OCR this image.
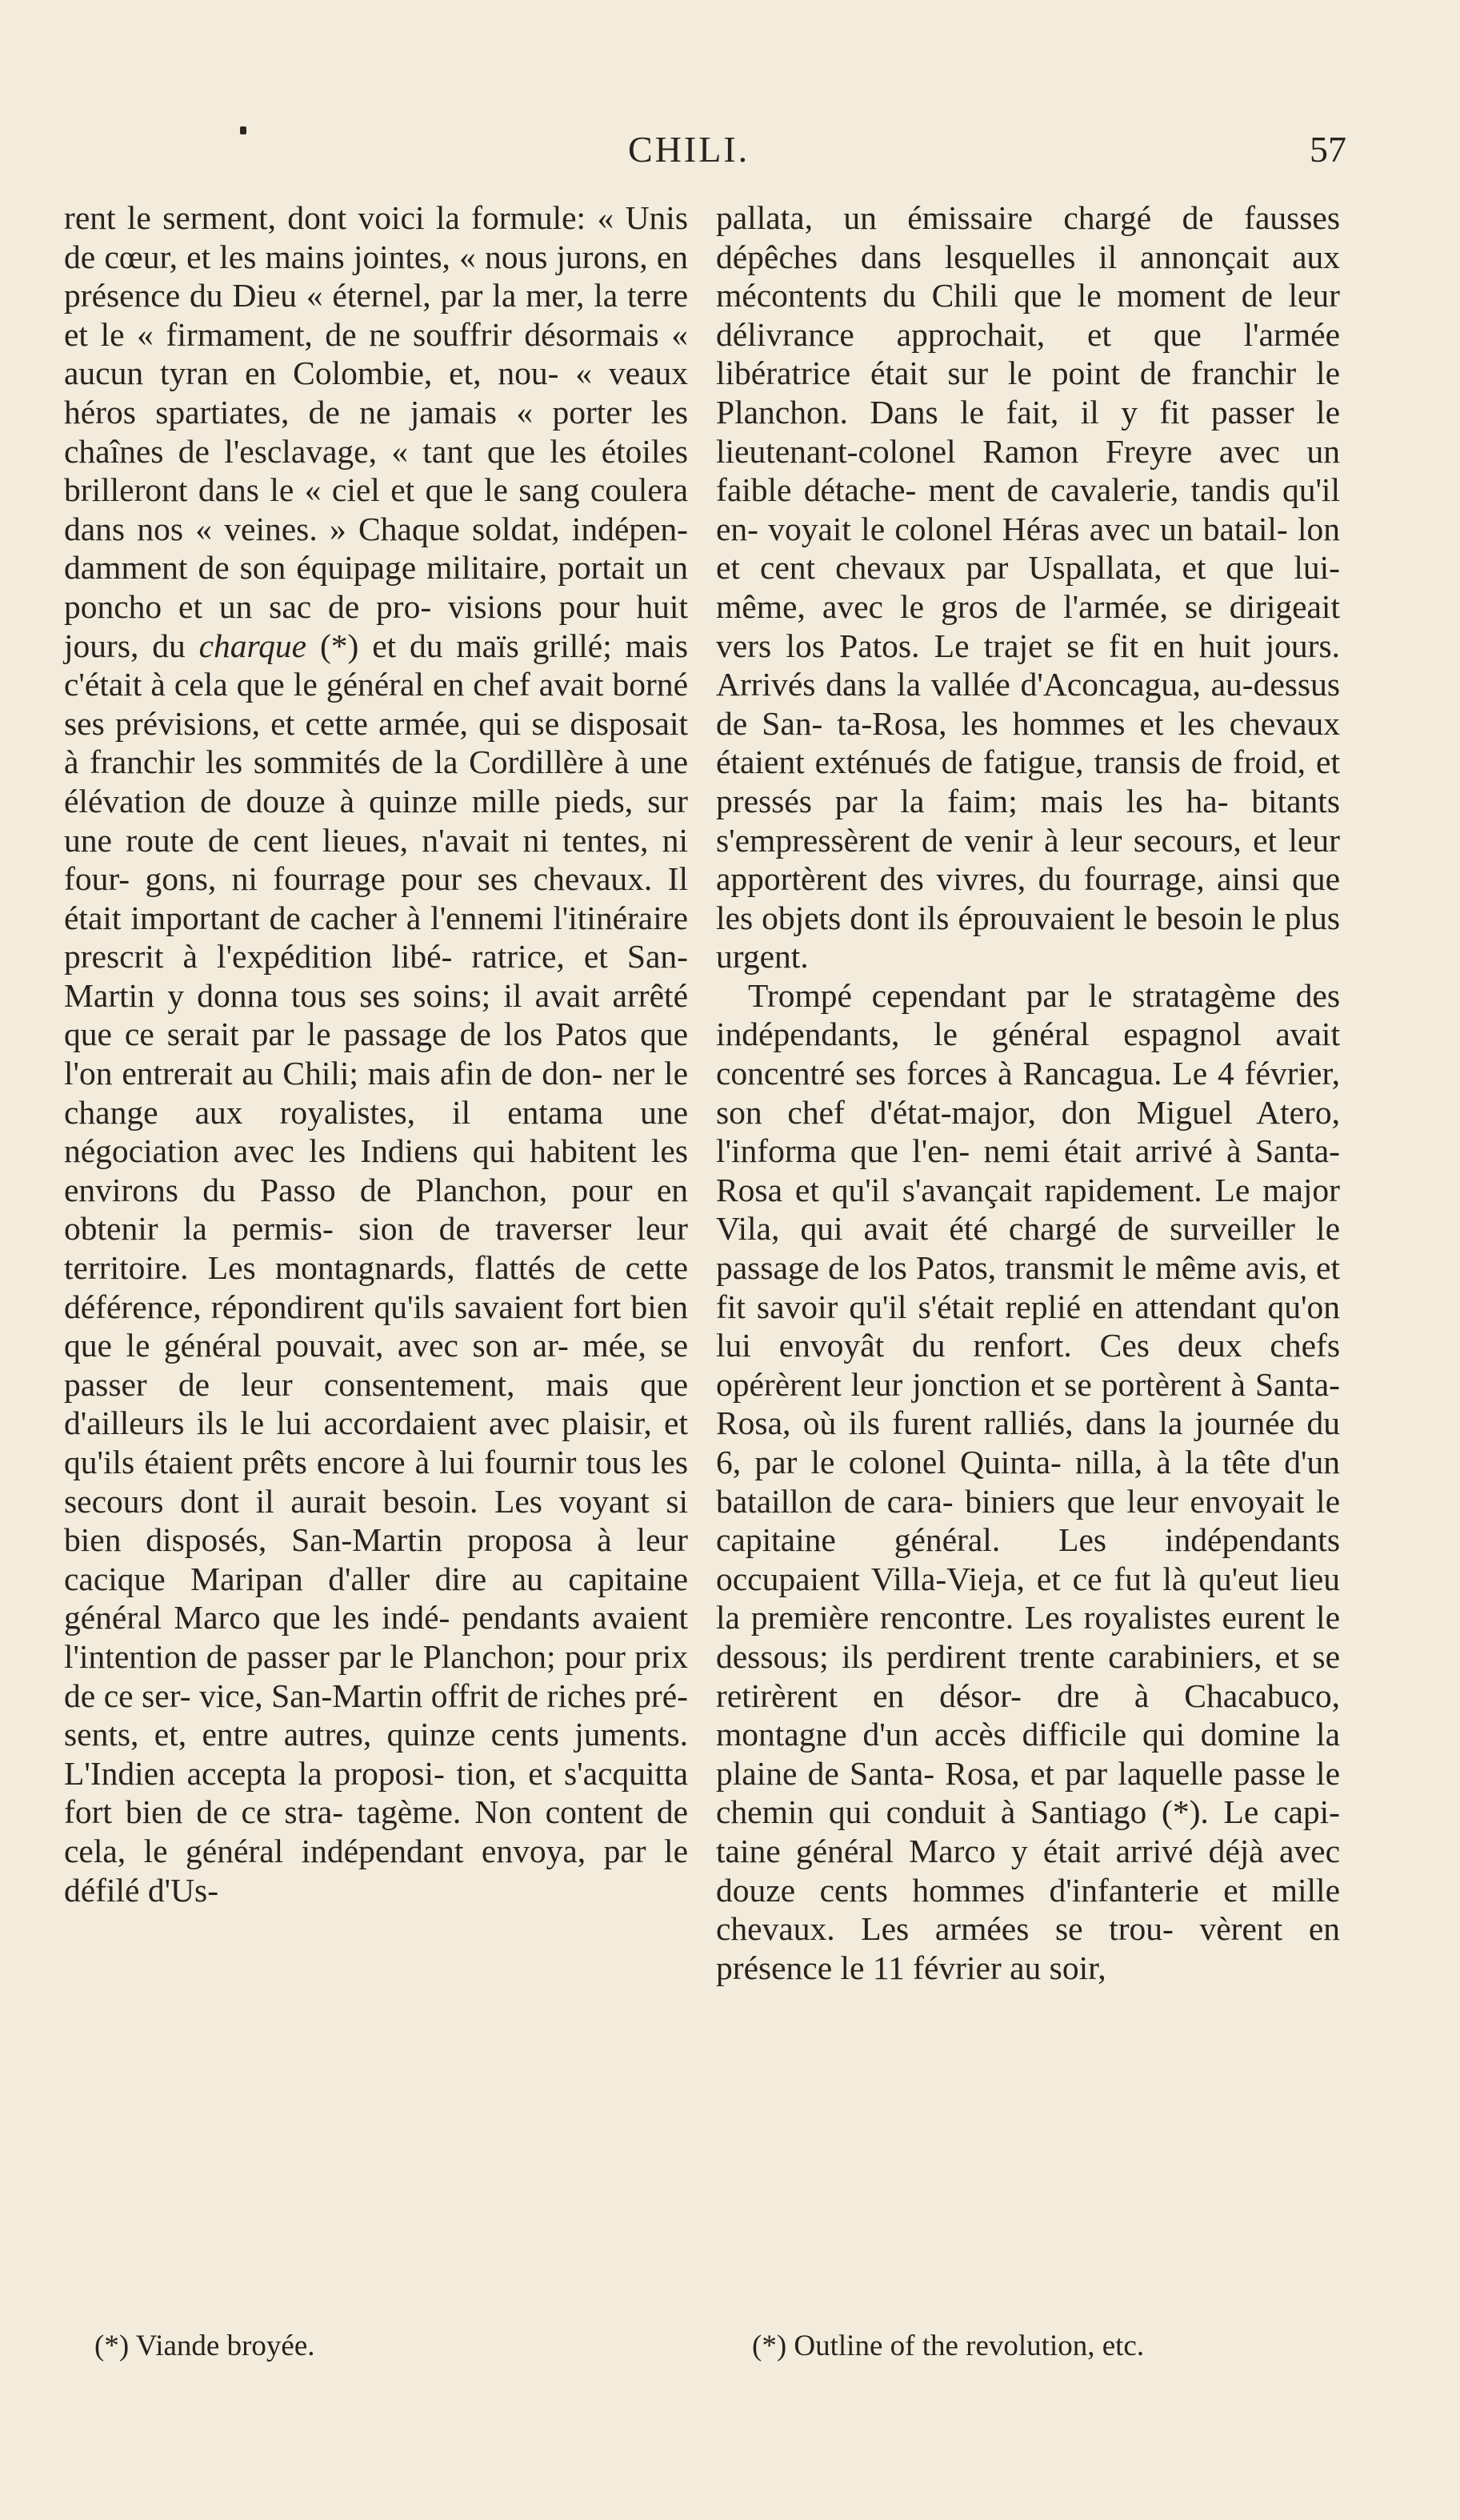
CHILI.	57

rent le serment, dont voici la formule: « Unis de cœur, et les mains jointes, « nous jurons, en présence du Dieu « éternel, par la mer, la terre et le « firmament, de ne souffrir désormais « aucun tyran en Colombie, et, nou- « veaux héros spartiates, de ne jamais « porter les chaînes de l'esclavage, « tant que les étoiles brilleront dans le « ciel et que le sang coulera dans nos « veines. » Chaque soldat, indépen- damment de son équipage militaire, portait un poncho et un sac de pro- visions pour huit jours, du charque (*) et du maïs grillé; mais c'était à cela que le général en chef avait borné ses prévisions, et cette armée, qui se disposait à franchir les sommités de la Cordillère à une élévation de douze à quinze mille pieds, sur une route de cent lieues, n'avait ni tentes, ni four- gons, ni fourrage pour ses chevaux. Il était important de cacher à l'ennemi l'itinéraire prescrit à l'expédition libé- ratrice, et San-Martin y donna tous ses soins; il avait arrêté que ce serait par le passage de los Patos que l'on entrerait au Chili; mais afin de don- ner le change aux royalistes, il entama une négociation avec les Indiens qui habitent les environs du Passo de Planchon, pour en obtenir la permis- sion de traverser leur territoire. Les montagnards, flattés de cette déférence, répondirent qu'ils savaient fort bien que le général pouvait, avec son ar- mée, se passer de leur consentement, mais que d'ailleurs ils le lui accordaient avec plaisir, et qu'ils étaient prêts encore à lui fournir tous les secours dont il aurait besoin. Les voyant si bien disposés, San-Martin proposa à leur cacique Maripan d'aller dire au capitaine général Marco que les indé- pendants avaient l'intention de passer par le Planchon; pour prix de ce ser- vice, San-Martin offrit de riches pré- sents, et, entre autres, quinze cents juments. L'Indien accepta la proposi- tion, et s'acquitta fort bien de ce stra- tagème. Non content de cela, le général indépendant envoya, par le défilé d'Us-

pallata, un émissaire chargé de fausses dépêches dans lesquelles il annonçait aux mécontents du Chili que le moment de leur délivrance approchait, et que l'armée libératrice était sur le point de franchir le Planchon. Dans le fait, il y fit passer le lieutenant-colonel Ramon Freyre avec un faible détache- ment de cavalerie, tandis qu'il en- voyait le colonel Héras avec un batail- lon et cent chevaux par Uspallata, et que lui-même, avec le gros de l'armée, se dirigeait vers los Patos. Le trajet se fit en huit jours. Arrivés dans la vallée d'Aconcagua, au-dessus de San- ta-Rosa, les hommes et les chevaux étaient exténués de fatigue, transis de froid, et pressés par la faim; mais les ha- bitants s'empressèrent de venir à leur secours, et leur apportèrent des vivres, du fourrage, ainsi que les objets dont ils éprouvaient le besoin le plus urgent.

Trompé cependant par le stratagème des indépendants, le général espagnol avait concentré ses forces à Rancagua. Le 4 février, son chef d'état-major, don Miguel Atero, l'informa que l'en- nemi était arrivé à Santa-Rosa et qu'il s'avançait rapidement. Le major Vila, qui avait été chargé de surveiller le passage de los Patos, transmit le même avis, et fit savoir qu'il s'était replié en attendant qu'on lui envoyât du renfort. Ces deux chefs opérèrent leur jonction et se portèrent à Santa- Rosa, où ils furent ralliés, dans la journée du 6, par le colonel Quinta- nilla, à la tête d'un bataillon de cara- biniers que leur envoyait le capitaine général. Les indépendants occupaient Villa-Vieja, et ce fut là qu'eut lieu la première rencontre. Les royalistes eurent le dessous; ils perdirent trente carabiniers, et se retirèrent en désor- dre à Chacabuco, montagne d'un accès difficile qui domine la plaine de Santa- Rosa, et par laquelle passe le chemin qui conduit à Santiago (*). Le capi- taine général Marco y était arrivé déjà avec douze cents hommes d'infanterie et mille chevaux. Les armées se trou- vèrent en présence le 11 février au soir,

(*) Viande broyée.	(*) Outline of the revolution, etc.
